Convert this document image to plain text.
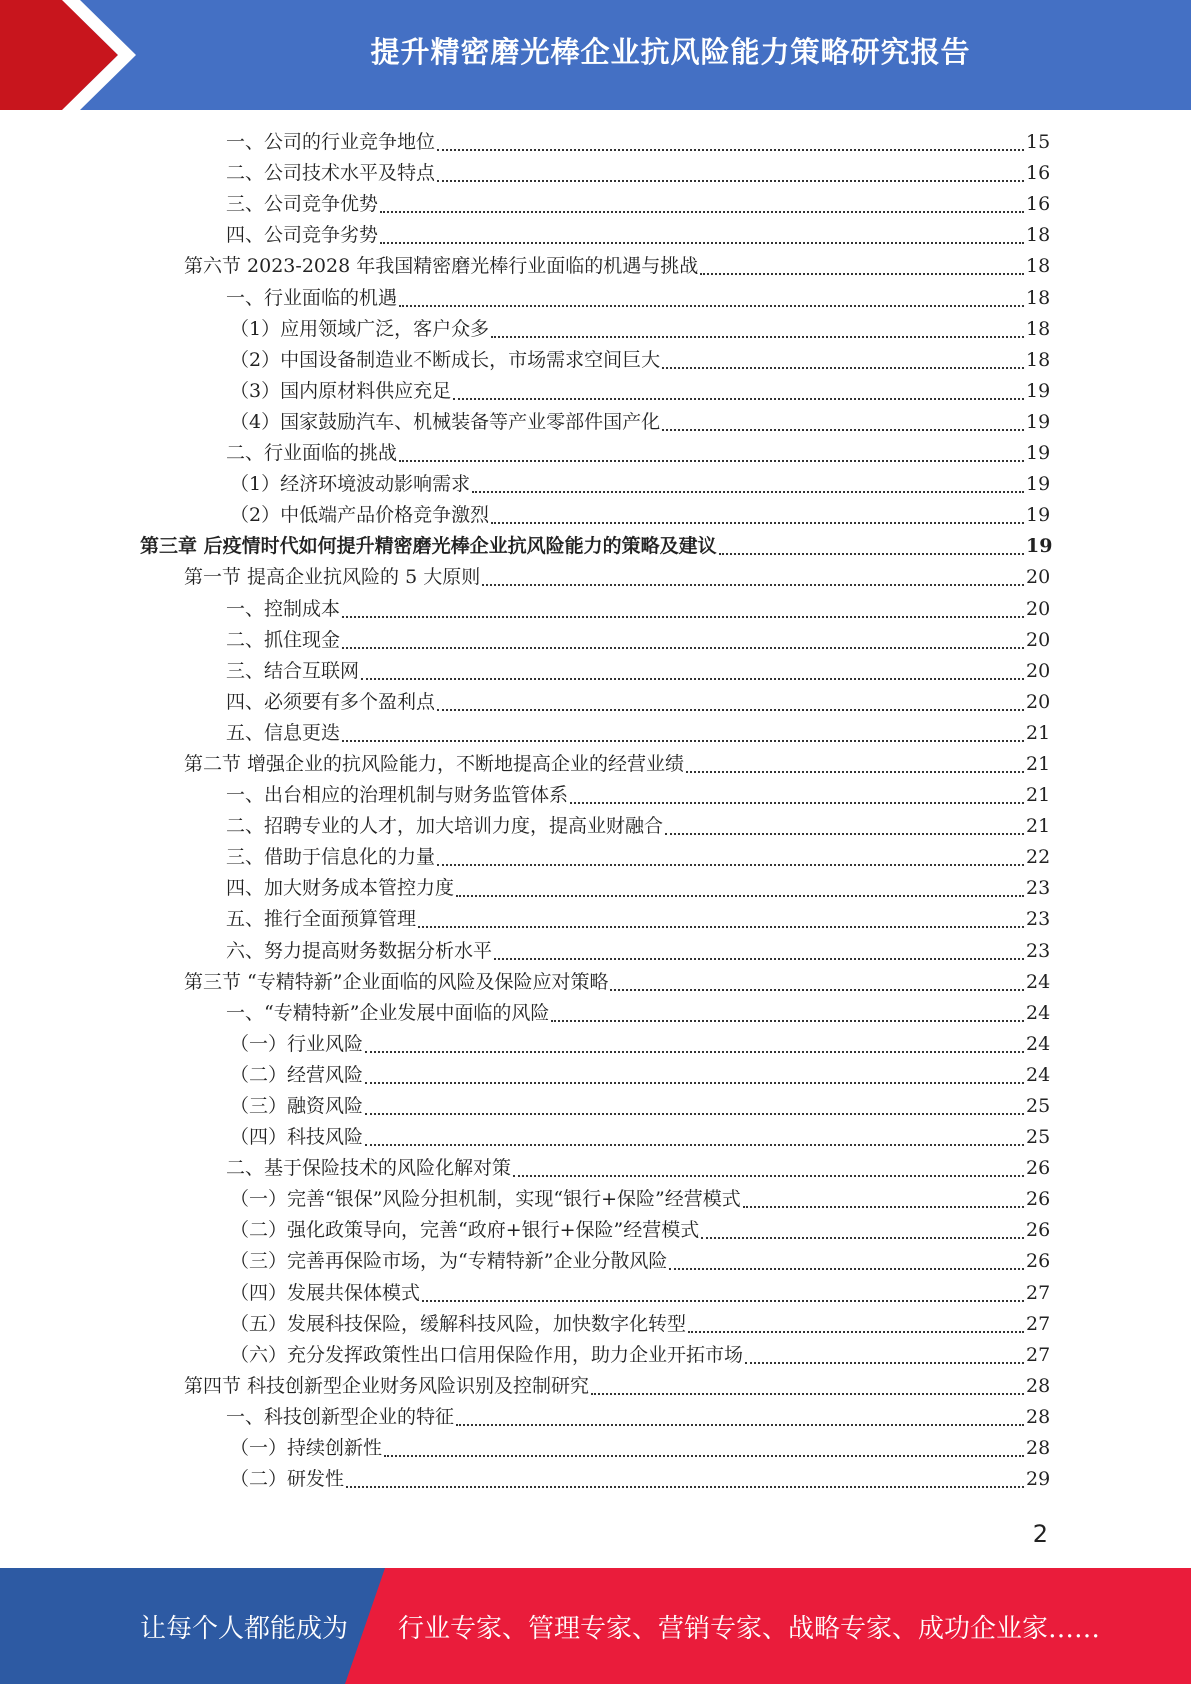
提升精密磨光棒企业抗风险能力策略研究报告
一、公司的行业竞争地位	15
二、公司技术水平及特点	16
三、公司竞争优势	16
四、公司竞争劣势	18
第六节 2023-2028 年我国精密磨光棒行业面临的机遇与挑战	18
一、行业面临的机遇	18
（1）应用领域广泛，客户众多	18
（2）中国设备制造业不断成长，市场需求空间巨大	18
（3）国内原材料供应充足	19
（4）国家鼓励汽车、机械装备等产业零部件国产化	19
二、行业面临的挑战	19
（1）经济环境波动影响需求	19
（2）中低端产品价格竞争激烈	19
第三章 后疫情时代如何提升精密磨光棒企业抗风险能力的策略及建议	19
第一节 提高企业抗风险的 5 大原则	20
一、控制成本	20
二、抓住现金	20
三、结合互联网	20
四、必须要有多个盈利点	20
五、信息更迭	21
第二节 增强企业的抗风险能力，不断地提高企业的经营业绩	21
一、出台相应的治理机制与财务监管体系	21
二、招聘专业的人才，加大培训力度，提高业财融合	21
三、借助于信息化的力量	22
四、加大财务成本管控力度	23
五、推行全面预算管理	23
六、努力提高财务数据分析水平	23
第三节 “专精特新”企业面临的风险及保险应对策略	24
一、“专精特新”企业发展中面临的风险	24
（一）行业风险	24
（二）经营风险	24
（三）融资风险	25
（四）科技风险	25
二、基于保险技术的风险化解对策	26
（一）完善“银保”风险分担机制，实现“银行+保险”经营模式	26
（二）强化政策导向，完善“政府+银行+保险”经营模式	26
（三）完善再保险市场，为“专精特新”企业分散风险	26
（四）发展共保体模式	27
（五）发展科技保险，缓解科技风险，加快数字化转型	27
（六）充分发挥政策性出口信用保险作用，助力企业开拓市场	27
第四节 科技创新型企业财务风险识别及控制研究	28
一、科技创新型企业的特征	28
（一）持续创新性	28
（二）研发性	29
2
让每个人都能成为 行业专家、管理专家、营销专家、战略专家、成功企业家……
